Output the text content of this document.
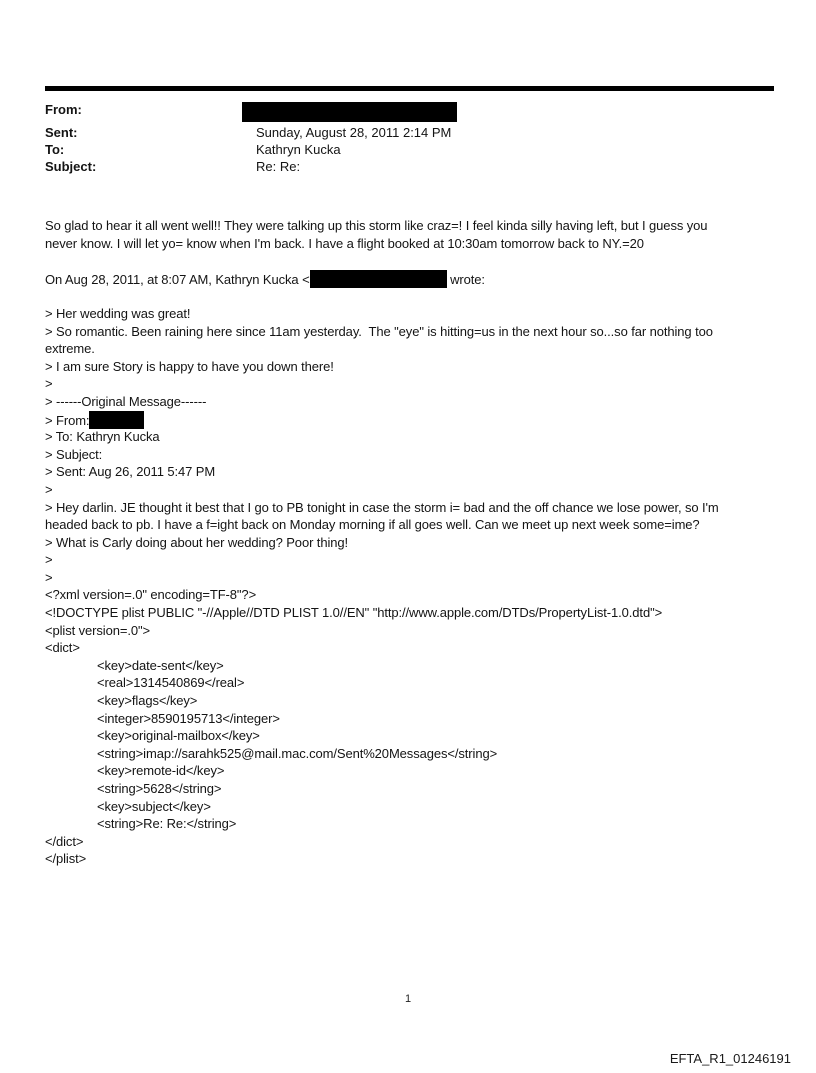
From:
Sent:	Sunday, August 28, 2011 2:14 PM
To:	Kathryn Kucka
Subject:	Re: Re:
So glad to hear it all went well!! They were talking up this storm like craz=! I feel kinda silly having left, but I guess you
never know. I will let yo= know when I'm back. I have a flight booked at 10:30am tomorrow back to NY.=20

On Aug 28, 2011, at 8:07 AM, Kathryn Kucka <	wrote:

> Her wedding was great!
> So romantic. Been raining here since 11am yesterday.  The "eye" is hitting=us in the next hour so...so far nothing too
extreme.
> I am sure Story is happy to have you down there!
>
> ------Original Message------
> From:
> To: Kathryn Kucka
> Subject:
> Sent: Aug 26, 2011 5:47 PM
>
> Hey darlin. JE thought it best that I go to PB tonight in case the storm i= bad and the off chance we lose power, so I'm
headed back to pb. I have a f=ight back on Monday morning if all goes well. Can we meet up next week some=ime?
> What is Carly doing about her wedding? Poor thing!
>
>
<?xml version=.0" encoding=TF-8"?>
<!DOCTYPE plist PUBLIC "-//Apple//DTD PLIST 1.0//EN" "http://www.apple.com/DTDs/PropertyList-1.0.dtd">
<plist version=.0">
<dict>
<key>date-sent</key>
<real>1314540869</real>
<key>flags</key>
<integer>8590195713</integer>
<key>original-mailbox</key>
<string>imap://sarahk525@mail.mac.com/Sent%20Messages</string>
<key>remote-id</key>
<string>5628</string>
<key>subject</key>
<string>Re: Re:</string>
</dict>
</plist>
1
EFTA_R1_01246191
